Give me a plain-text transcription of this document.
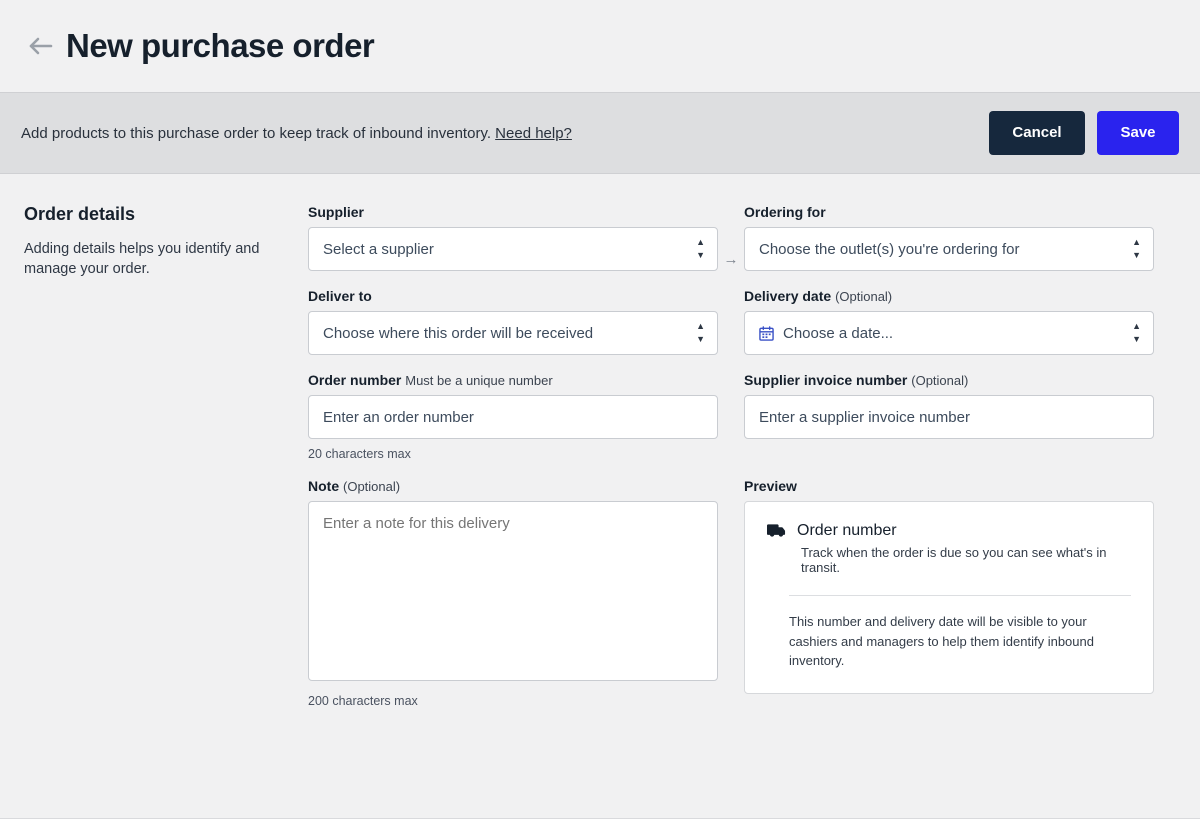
New purchase order
Add products to this purchase order to keep track of inbound inventory. Need help?	Cancel	Save
Order details
Adding details helps you identify and manage your order.
Supplier
Select a supplier	▲
▼	→
Ordering for
Choose the outlet(s) you're ordering for	▲
▼
Deliver to
Choose where this order will be received	▲
▼
Delivery date (Optional)
Choose a date...	▲
▼
Order number Must be a unique number
Enter an order number
20 characters max
Supplier invoice number (Optional)
Enter a supplier invoice number
Note (Optional)
Enter a note for this delivery
200 characters max
Preview
Order number
Track when the order is due so you can see what's in transit.
This number and delivery date will be visible to your cashiers and managers to help them identify inbound inventory.
